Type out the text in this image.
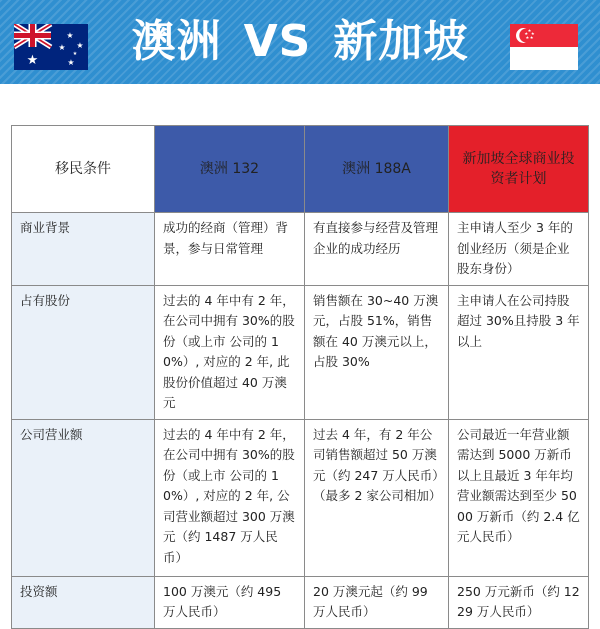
★
★
★ ★
★
★	澳洲 VS 新加坡	★
★ ★
★ ★
移民条件	澳洲 132	澳洲 188A	新加坡全球商业投资者计划
商业背景	成功的经商（管理）背景，参与日常管理	有直接参与经营及管理企业的成功经历	主申请人至少 3 年的创业经历（须是企业股东身份）
占有股份	过去的 4 年中有 2 年，在公司中拥有 30%的股份（或上市 公司的 10%）, 对应的 2 年, 此股份价值超过 40 万澳元	销售额在 30~40 万澳元，占股 51%，销售额在 40 万澳元以上，占股 30%	主申请人在公司持股超过 30%且持股 3 年以上
公司营业额	过去的 4 年中有 2 年，在公司中拥有 30%的股份（或上市 公司的 10%）, 对应的 2 年, 公司营业额超过 300 万澳元（约 1487 万人民币）	过去 4 年，有 2 年公司销售额超过 50 万澳元（约 247 万人民币）（最多 2 家公司相加）	公司最近一年营业额需达到 5000 万新币以上且最近 3 年年均营业额需达到至少 5000 万新币（约 2.4 亿元人民币）
投资额	100 万澳元（约 495 万人民币）	20 万澳元起（约 99 万人民币）	250 万元新币（约 1229 万人民币）
